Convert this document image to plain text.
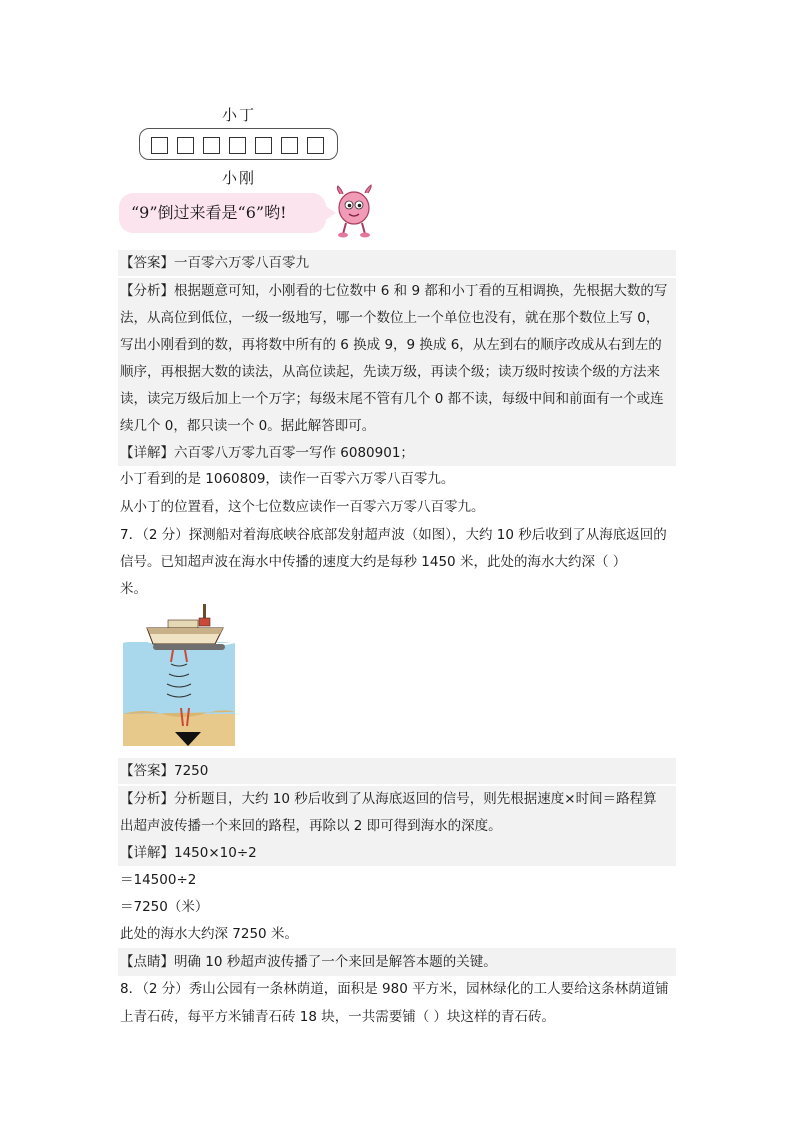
小丁
小刚
“9”倒过来看是“6”哟!
【答案】一百零六万零八百零九
【分析】根据题意可知，小刚看的七位数中 6 和 9 都和小丁看的互相调换，先根据大数的写
法，从高位到低位，一级一级地写，哪一个数位上一个单位也没有，就在那个数位上写 0，
写出小刚看到的数，再将数中所有的 6 换成 9，9 换成 6，从左到右的顺序改成从右到左的
顺序，再根据大数的读法，从高位读起，先读万级，再读个级；读万级时按读个级的方法来
读，读完万级后加上一个万字；每级末尾不管有几个 0 都不读，每级中间和前面有一个或连
续几个 0，都只读一个 0。据此解答即可。
【详解】六百零八万零九百零一写作 6080901；
小丁看到的是 1060809，读作一百零六万零八百零九。
从小丁的位置看，这个七位数应读作一百零六万零八百零九。
7．（2 分）探测船对着海底峡谷底部发射超声波（如图），大约 10 秒后收到了从海底返回的
信号。已知超声波在海水中传播的速度大约是每秒 1450 米，此处的海水大约深（ ）
米。
【答案】7250
【分析】分析题目，大约 10 秒后收到了从海底返回的信号，则先根据速度×时间＝路程算
出超声波传播一个来回的路程，再除以 2 即可得到海水的深度。
【详解】1450×10÷2
＝14500÷2
＝7250（米）
此处的海水大约深 7250 米。
【点睛】明确 10 秒超声波传播了一个来回是解答本题的关键。
8．（2 分）秀山公园有一条林荫道，面积是 980 平方米，园林绿化的工人要给这条林荫道铺
上青石砖，每平方米铺青石砖 18 块，一共需要铺（ ）块这样的青石砖。
